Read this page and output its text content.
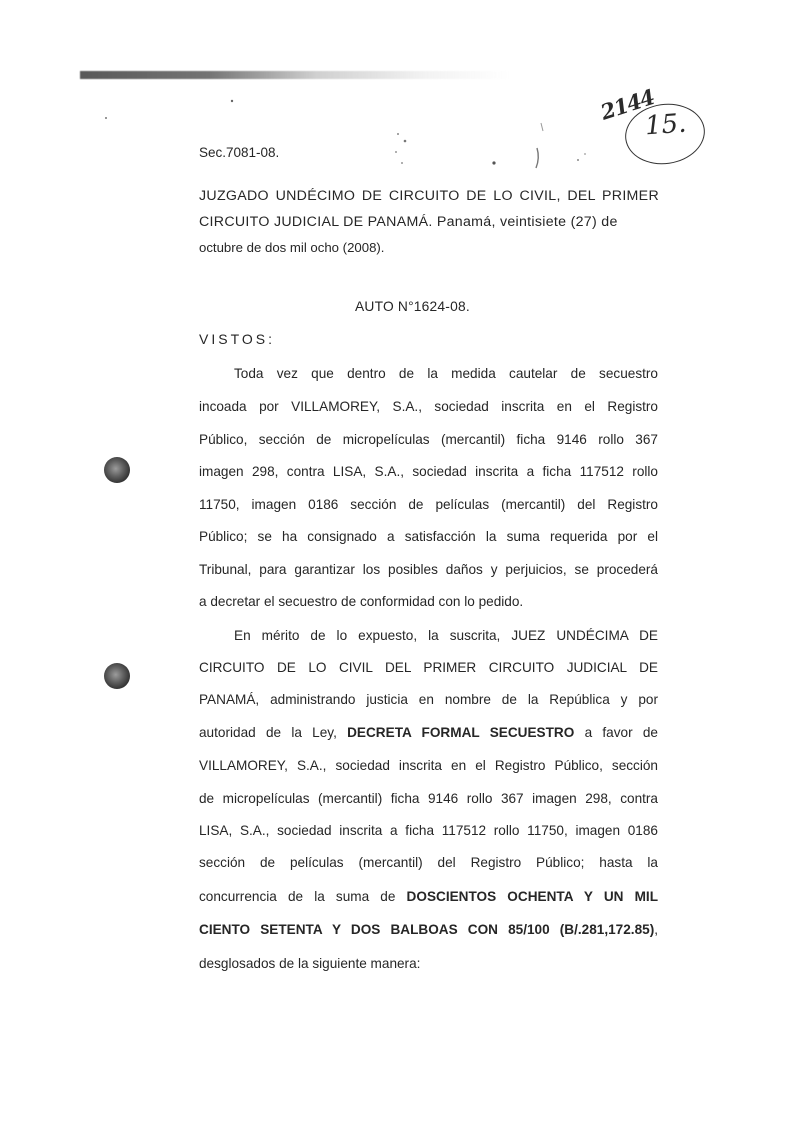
2144
15.
Sec.7081-08.
JUZGADO UNDÉCIMO DE CIRCUITO DE LO CIVIL, DEL PRIMER CIRCUITO JUDICIAL DE PANAMÁ. Panamá, veintisiete (27) de
octubre de dos mil ocho (2008).
AUTO N°1624-08.
VISTOS:
Toda vez que dentro de la medida cautelar de secuestro
incoada por VILLAMOREY, S.A., sociedad inscrita en el Registro
Público, sección de micropelículas (mercantil) ficha 9146 rollo 367
imagen 298, contra LISA, S.A., sociedad inscrita a ficha 117512 rollo
11750, imagen 0186 sección de películas (mercantil) del Registro
Público; se ha consignado a satisfacción la suma requerida por el
Tribunal, para garantizar los posibles daños y perjuicios, se procederá
a decretar el secuestro de conformidad con lo pedido.
En mérito de lo expuesto, la suscrita, JUEZ UNDÉCIMA DE
CIRCUITO DE LO CIVIL DEL PRIMER CIRCUITO JUDICIAL DE
PANAMÁ, administrando justicia en nombre de la República y por
autoridad de la Ley, DECRETA FORMAL SECUESTRO a favor de
VILLAMOREY, S.A., sociedad inscrita en el Registro Público, sección
de micropelículas (mercantil) ficha 9146 rollo 367 imagen 298, contra
LISA, S.A., sociedad inscrita a ficha 117512 rollo 11750, imagen 0186
sección de películas (mercantil) del Registro Público; hasta la
concurrencia de la suma de DOSCIENTOS OCHENTA Y UN MIL
CIENTO SETENTA Y DOS BALBOAS CON 85/100 (B/.281,172.85),
desglosados de la siguiente manera:
